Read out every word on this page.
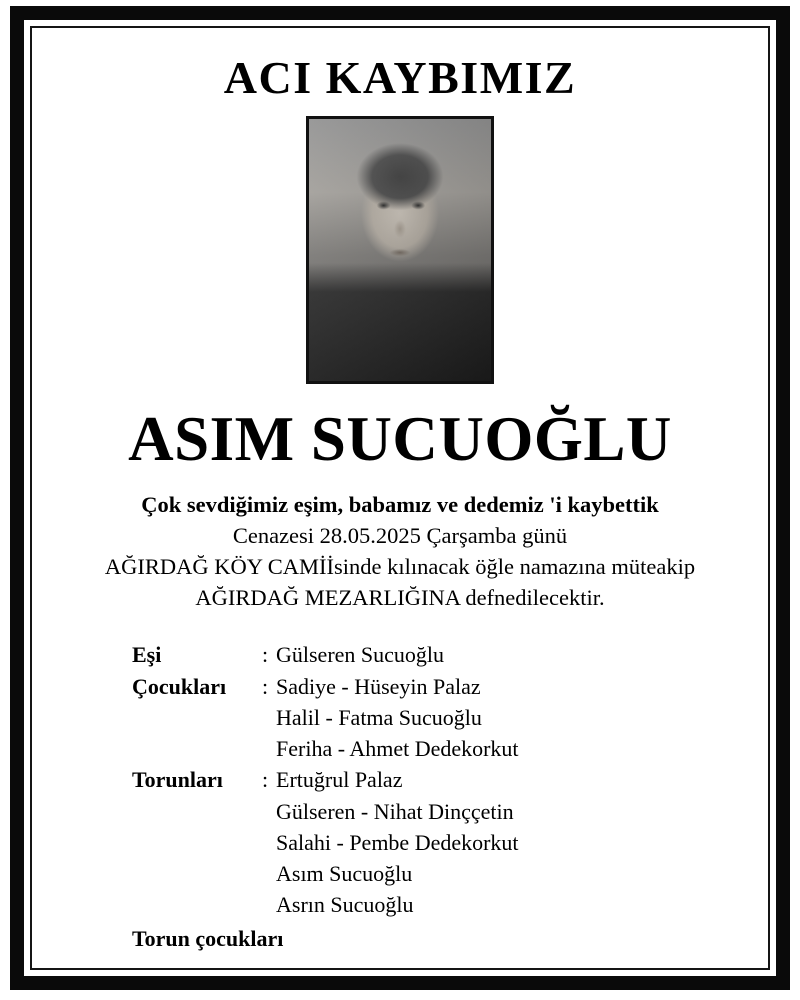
ACI KAYBIMIZ
ASIM SUCUOĞLU
Çok sevdiğimiz eşim, babamız ve dedemiz 'i kaybettik
Cenazesi 28.05.2025 Çarşamba günü
AĞIRDAĞ KÖY CAMİİsinde kılınacak öğle namazına müteakip
AĞIRDAĞ MEZARLIĞINA defnedilecektir.
Eşi	: Gülseren Sucuoğlu
Çocukları	: Sadiye - Hüseyin Palaz
Halil - Fatma Sucuoğlu
Feriha - Ahmet Dedekorkut
Torunları	: Ertuğrul Palaz
Gülseren - Nihat Dinççetin
Salahi - Pembe Dedekorkut
Asım Sucuoğlu
Asrın Sucuoğlu
Torun çocukları
